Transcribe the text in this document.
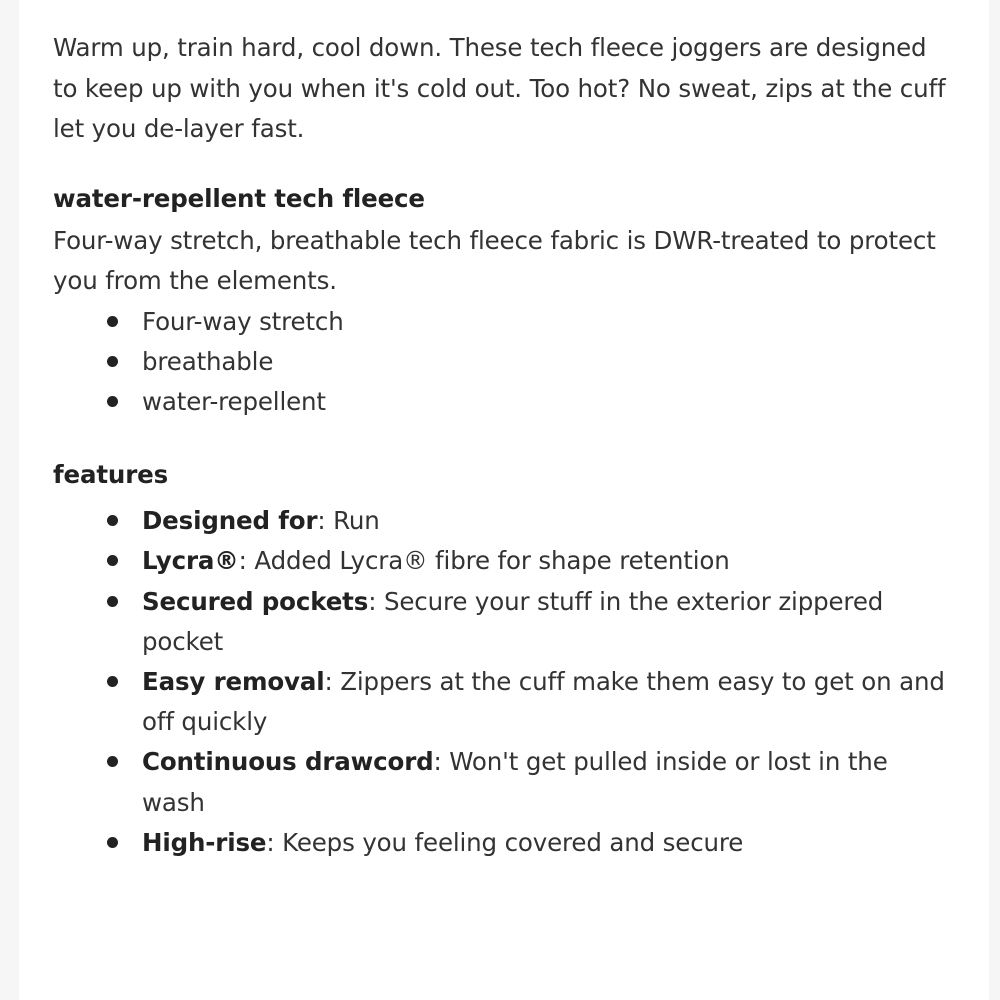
Warm up, train hard, cool down. These tech fleece joggers are designed to keep up with you when it's cold out. Too hot? No sweat, zips at the cuff let you de-layer fast.

water-repellent tech fleece

Four-way stretch, breathable tech fleece fabric is DWR-treated to protect you from the elements.

Four-way stretch
breathable
water-repellent
features
Designed for: Run
Lycra®: Added Lycra® fibre for shape retention
Secured pockets: Secure your stuff in the exterior zippered pocket
Easy removal: Zippers at the cuff make them easy to get on and off quickly
Continuous drawcord: Won't get pulled inside or lost in the wash
High-rise: Keeps you feeling covered and secure
